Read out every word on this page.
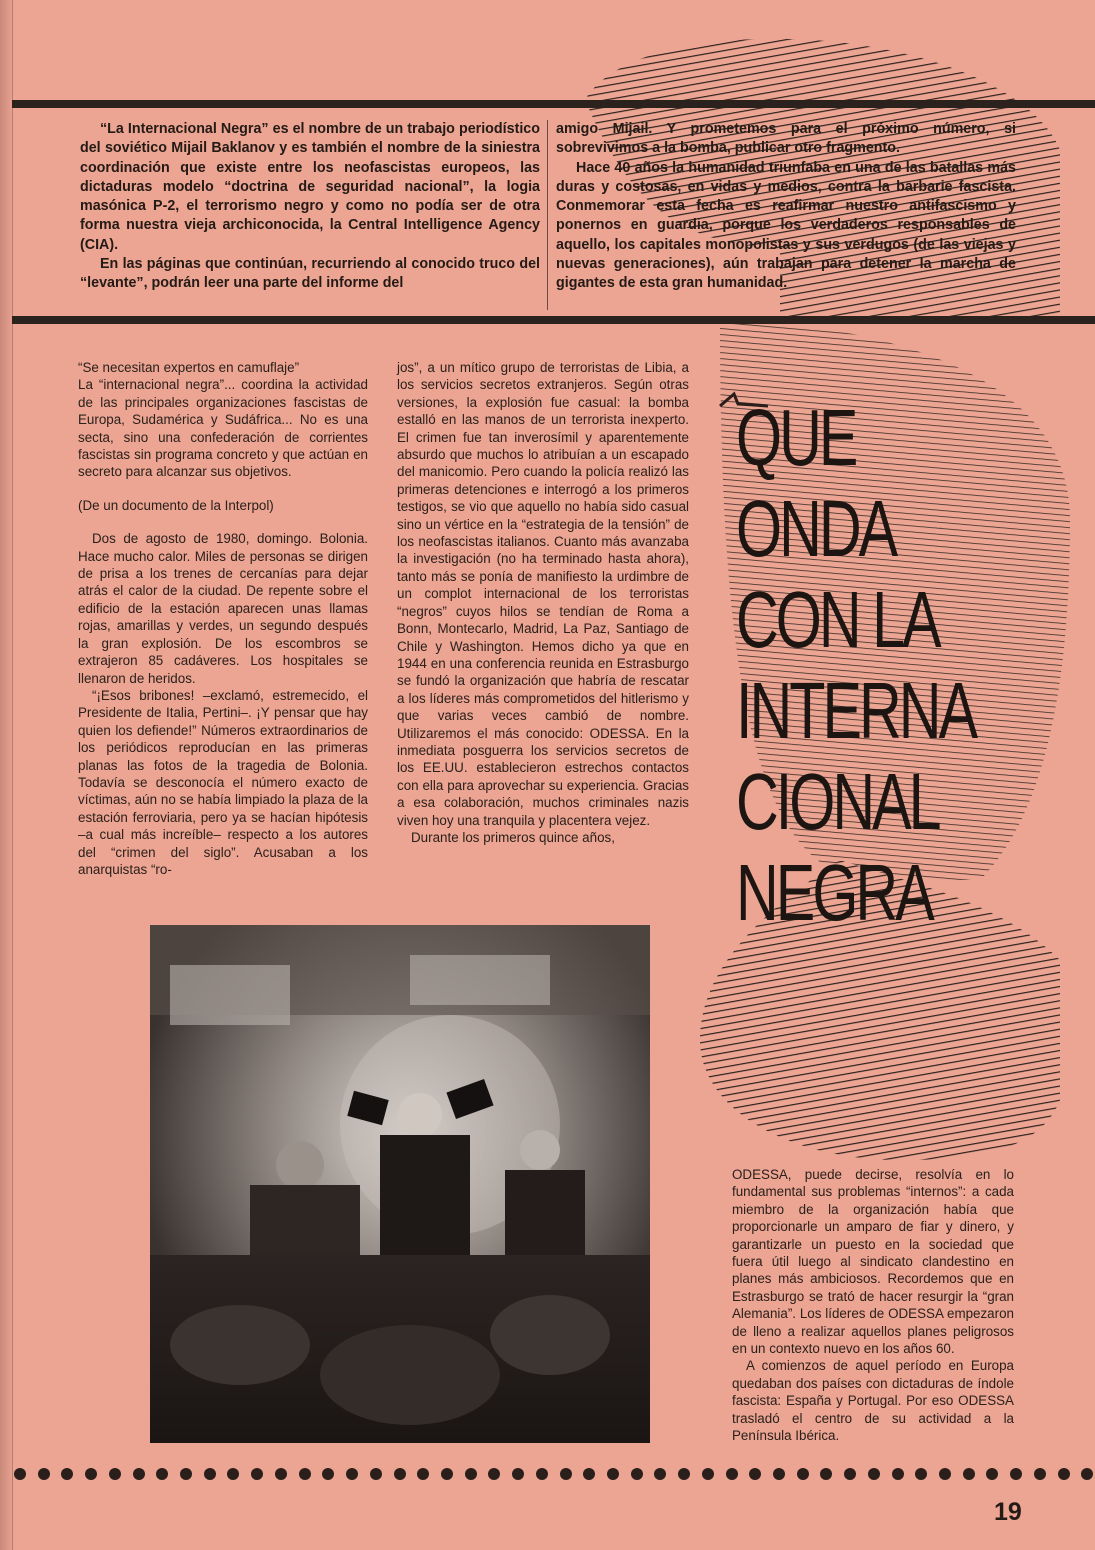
“La Internacional Negra” es el nombre de un trabajo periodístico del soviético Mijail Baklanov y es también el nombre de la siniestra coordinación que existe entre los neofascistas europeos, las dictaduras modelo “doctrina de seguridad nacional”, la logia masónica P-2, el terrorismo negro y como no podía ser de otra forma nuestra vieja archiconocida, la Central Intelligence Agency (CIA).

En las páginas que continúan, recurriendo al conocido truco del “levante”, podrán leer una parte del informe del

amigo Mijail. Y prometemos para el próximo número, si sobrevivimos a la bomba, publicar otro fragmento.

Hace 40 años la humanidad triunfaba en una de las batallas más duras y costosas, en vidas y medios, contra la barbarie fascista. Conmemorar esta fecha es reafirmar nuestro antifascismo y ponernos en guardia, porque los verdaderos responsables de aquello, los capitales monopolistas y sus verdugos (de las viejas y nuevas generaciones), aún trabajan para detener la marcha de gigantes de esta gran humanidad.

“Se necesitan expertos en camuflaje”

La “internacional negra”... coordina la actividad de las principales organizaciones fascistas de Europa, Sudamérica y Sudáfrica... No es una secta, sino una confederación de corrientes fascistas sin programa concreto y que actúan en secreto para alcanzar sus objetivos.

(De un documento de la Interpol)

Dos de agosto de 1980, domingo. Bolonia. Hace mucho calor. Miles de personas se dirigen de prisa a los trenes de cercanías para dejar atrás el calor de la ciudad. De repente sobre el edificio de la estación aparecen unas llamas rojas, amarillas y verdes, un segundo después la gran explosión. De los escombros se extrajeron 85 cadáveres. Los hospitales se llenaron de heridos.

“¡Esos bribones! –exclamó, estremecido, el Presidente de Italia, Pertini–. ¡Y pensar que hay quien los defiende!” Números extraordinarios de los periódicos reproducían en las primeras planas las fotos de la tragedia de Bolonia. Todavía se desconocía el número exacto de víctimas, aún no se había limpiado la plaza de la estación ferroviaria, pero ya se hacían hipótesis –a cual más increíble– respecto a los autores del “crimen del siglo”. Acusaban a los anarquistas “ro-

jos”, a un mítico grupo de terroristas de Libia, a los servicios secretos extranjeros. Según otras versiones, la explosión fue casual: la bomba estalló en las manos de un terrorista inexperto. El crimen fue tan inverosímil y aparentemente absurdo que muchos lo atribuían a un escapado del manicomio. Pero cuando la policía realizó las primeras detenciones e interrogó a los primeros testigos, se vio que aquello no había sido casual sino un vértice en la “estrategia de la tensión” de los neofascistas italianos. Cuanto más avanzaba la investigación (no ha terminado hasta ahora), tanto más se ponía de manifiesto la urdimbre de un complot internacional de los terroristas “negros” cuyos hilos se tendían de Roma a Bonn, Montecarlo, Madrid, La Paz, Santiago de Chile y Washington. Hemos dicho ya que en 1944 en una conferencia reunida en Estrasburgo se fundó la organización que habría de rescatar a los líderes más comprometidos del hitlerismo y que varias veces cambió de nombre. Utilizaremos el más conocido: ODESSA. En la inmediata posguerra los servicios secretos de los EE.UU. establecieron estrechos contactos con ella para aprovechar su experiencia. Gracias a esa colaboración, muchos criminales nazis viven hoy una tranquila y placentera vejez.

Durante los primeros quince años,

QUE
ONDA
CON LA
INTERNA
CIONAL
NEGRA

ODESSA, puede decirse, resolvía en lo fundamental sus problemas “internos”: a cada miembro de la organización había que proporcionarle un amparo de fiar y dinero, y garantizarle un puesto en la sociedad que fuera útil luego al sindicato clandestino en planes más ambiciosos. Recordemos que en Estrasburgo se trató de hacer resurgir la “gran Alemania”. Los líderes de ODESSA empezaron de lleno a realizar aquellos planes peligrosos en un contexto nuevo en los años 60.

A comienzos de aquel período en Europa quedaban dos países con dictaduras de índole fascista: España y Portugal. Por eso ODESSA trasladó el centro de su actividad a la Península Ibérica.

19
